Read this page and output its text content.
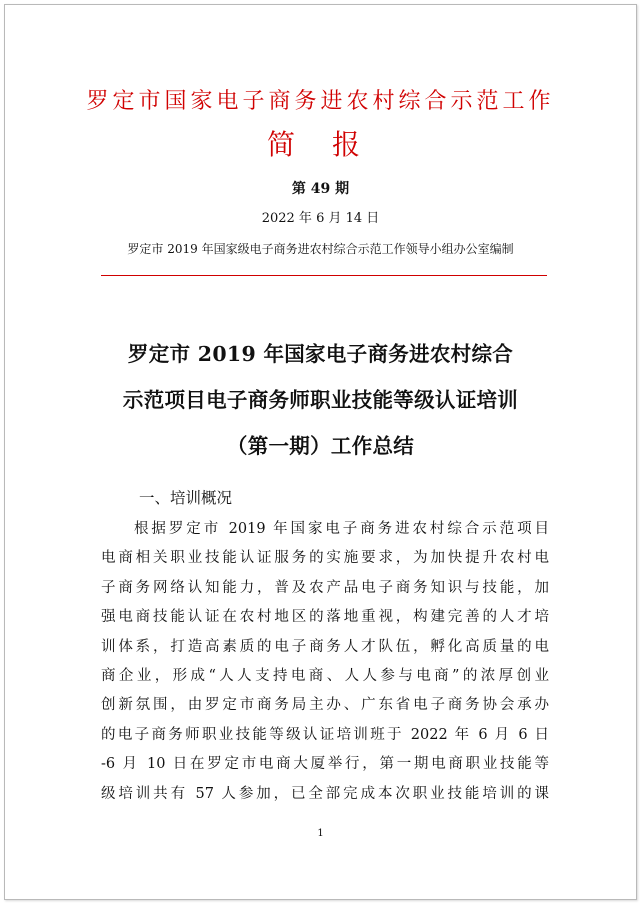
罗定市国家电子商务进农村综合示范工作
简 报
第 49 期
2022 年 6 月 14 日
罗定市 2019 年国家级电子商务进农村综合示范工作领导小组办公室编制
罗定市 2019 年国家电子商务进农村综合
示范项目电子商务师职业技能等级认证培训
（第一期）工作总结
一、培训概况
根据罗定市 2019 年国家电子商务进农村综合示范项目
电商相关职业技能认证服务的实施要求，为加快提升农村电
子商务网络认知能力，普及农产品电子商务知识与技能，加
强电商技能认证在农村地区的落地重视，构建完善的人才培
训体系，打造高素质的电子商务人才队伍，孵化高质量的电
商企业，形成“人人支持电商、人人参与电商”的浓厚创业
创新氛围，由罗定市商务局主办、广东省电子商务协会承办
的电子商务师职业技能等级认证培训班于 2022 年 6 月 6 日
-6 月 10 日在罗定市电商大厦举行，第一期电商职业技能等
级培训共有 57 人参加，已全部完成本次职业技能培训的课
1
